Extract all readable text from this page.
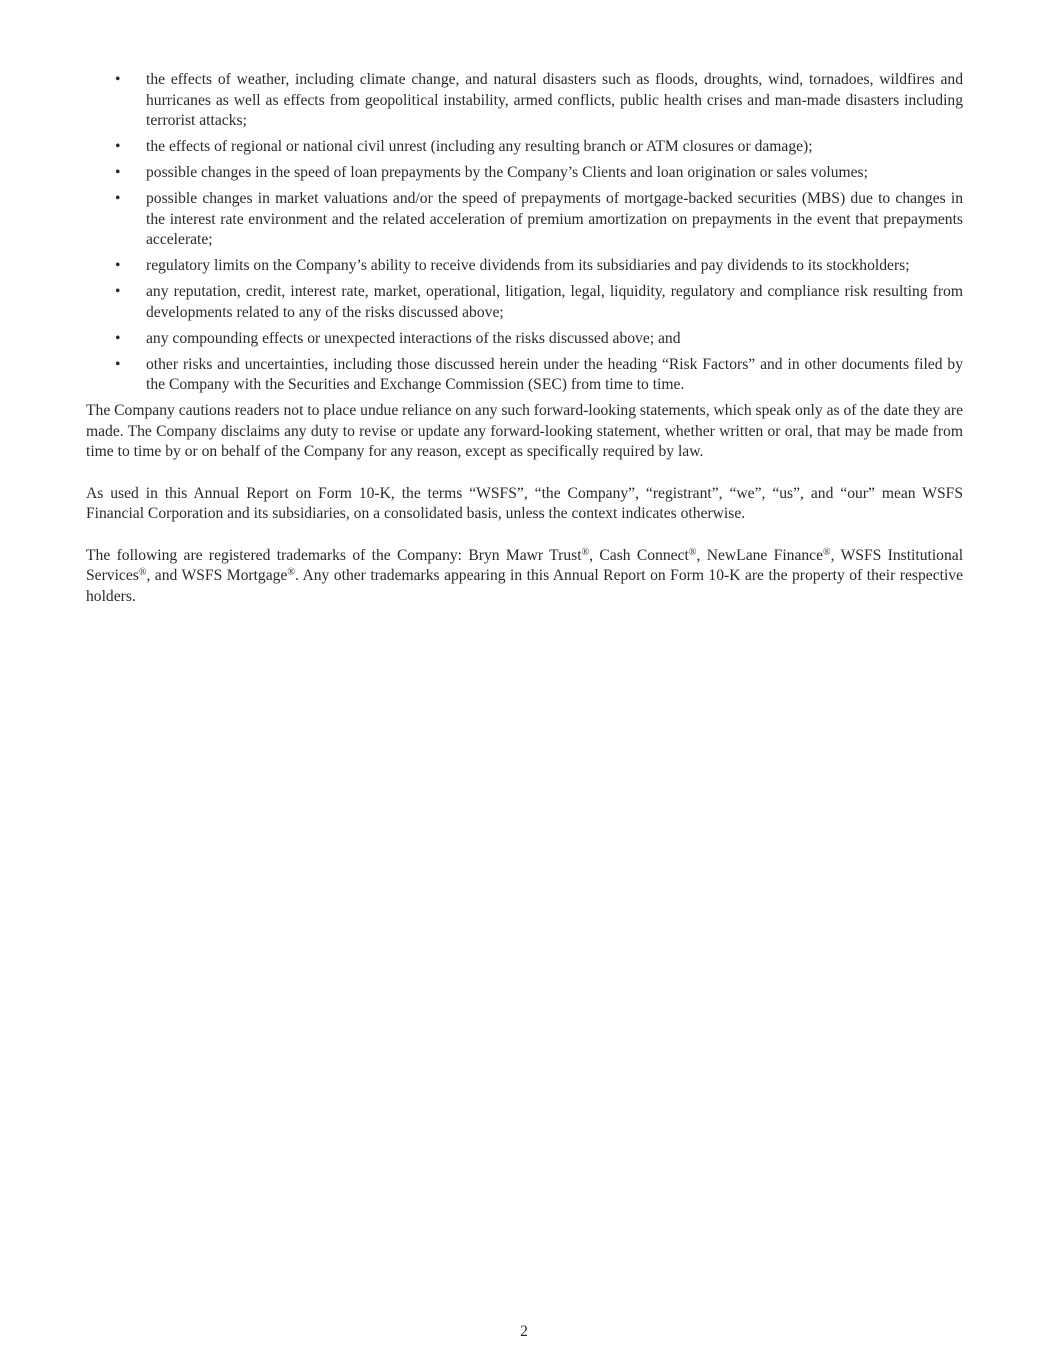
• the effects of weather, including climate change, and natural disasters such as floods, droughts, wind, tornadoes, wildfires and hurricanes as well as effects from geopolitical instability, armed conflicts, public health crises and man-made disasters including terrorist attacks;
• the effects of regional or national civil unrest (including any resulting branch or ATM closures or damage);
• possible changes in the speed of loan prepayments by the Company’s Clients and loan origination or sales volumes;
• possible changes in market valuations and/or the speed of prepayments of mortgage-backed securities (MBS) due to changes in the interest rate environment and the related acceleration of premium amortization on prepayments in the event that prepayments accelerate;
• regulatory limits on the Company’s ability to receive dividends from its subsidiaries and pay dividends to its stockholders;
• any reputation, credit, interest rate, market, operational, litigation, legal, liquidity, regulatory and compliance risk resulting from developments related to any of the risks discussed above;
• any compounding effects or unexpected interactions of the risks discussed above; and
• other risks and uncertainties, including those discussed herein under the heading “Risk Factors” and in other documents filed by the Company with the Securities and Exchange Commission (SEC) from time to time.

The Company cautions readers not to place undue reliance on any such forward-looking statements, which speak only as of the date they are made. The Company disclaims any duty to revise or update any forward-looking statement, whether written or oral, that may be made from time to time by or on behalf of the Company for any reason, except as specifically required by law.

As used in this Annual Report on Form 10-K, the terms “WSFS”, “the Company”, “registrant”, “we”, “us”, and “our” mean WSFS Financial Corporation and its subsidiaries, on a consolidated basis, unless the context indicates otherwise.

The following are registered trademarks of the Company: Bryn Mawr Trust®, Cash Connect®, NewLane Finance®, WSFS Institutional Services®, and WSFS Mortgage®. Any other trademarks appearing in this Annual Report on Form 10-K are the property of their respective holders.

2
